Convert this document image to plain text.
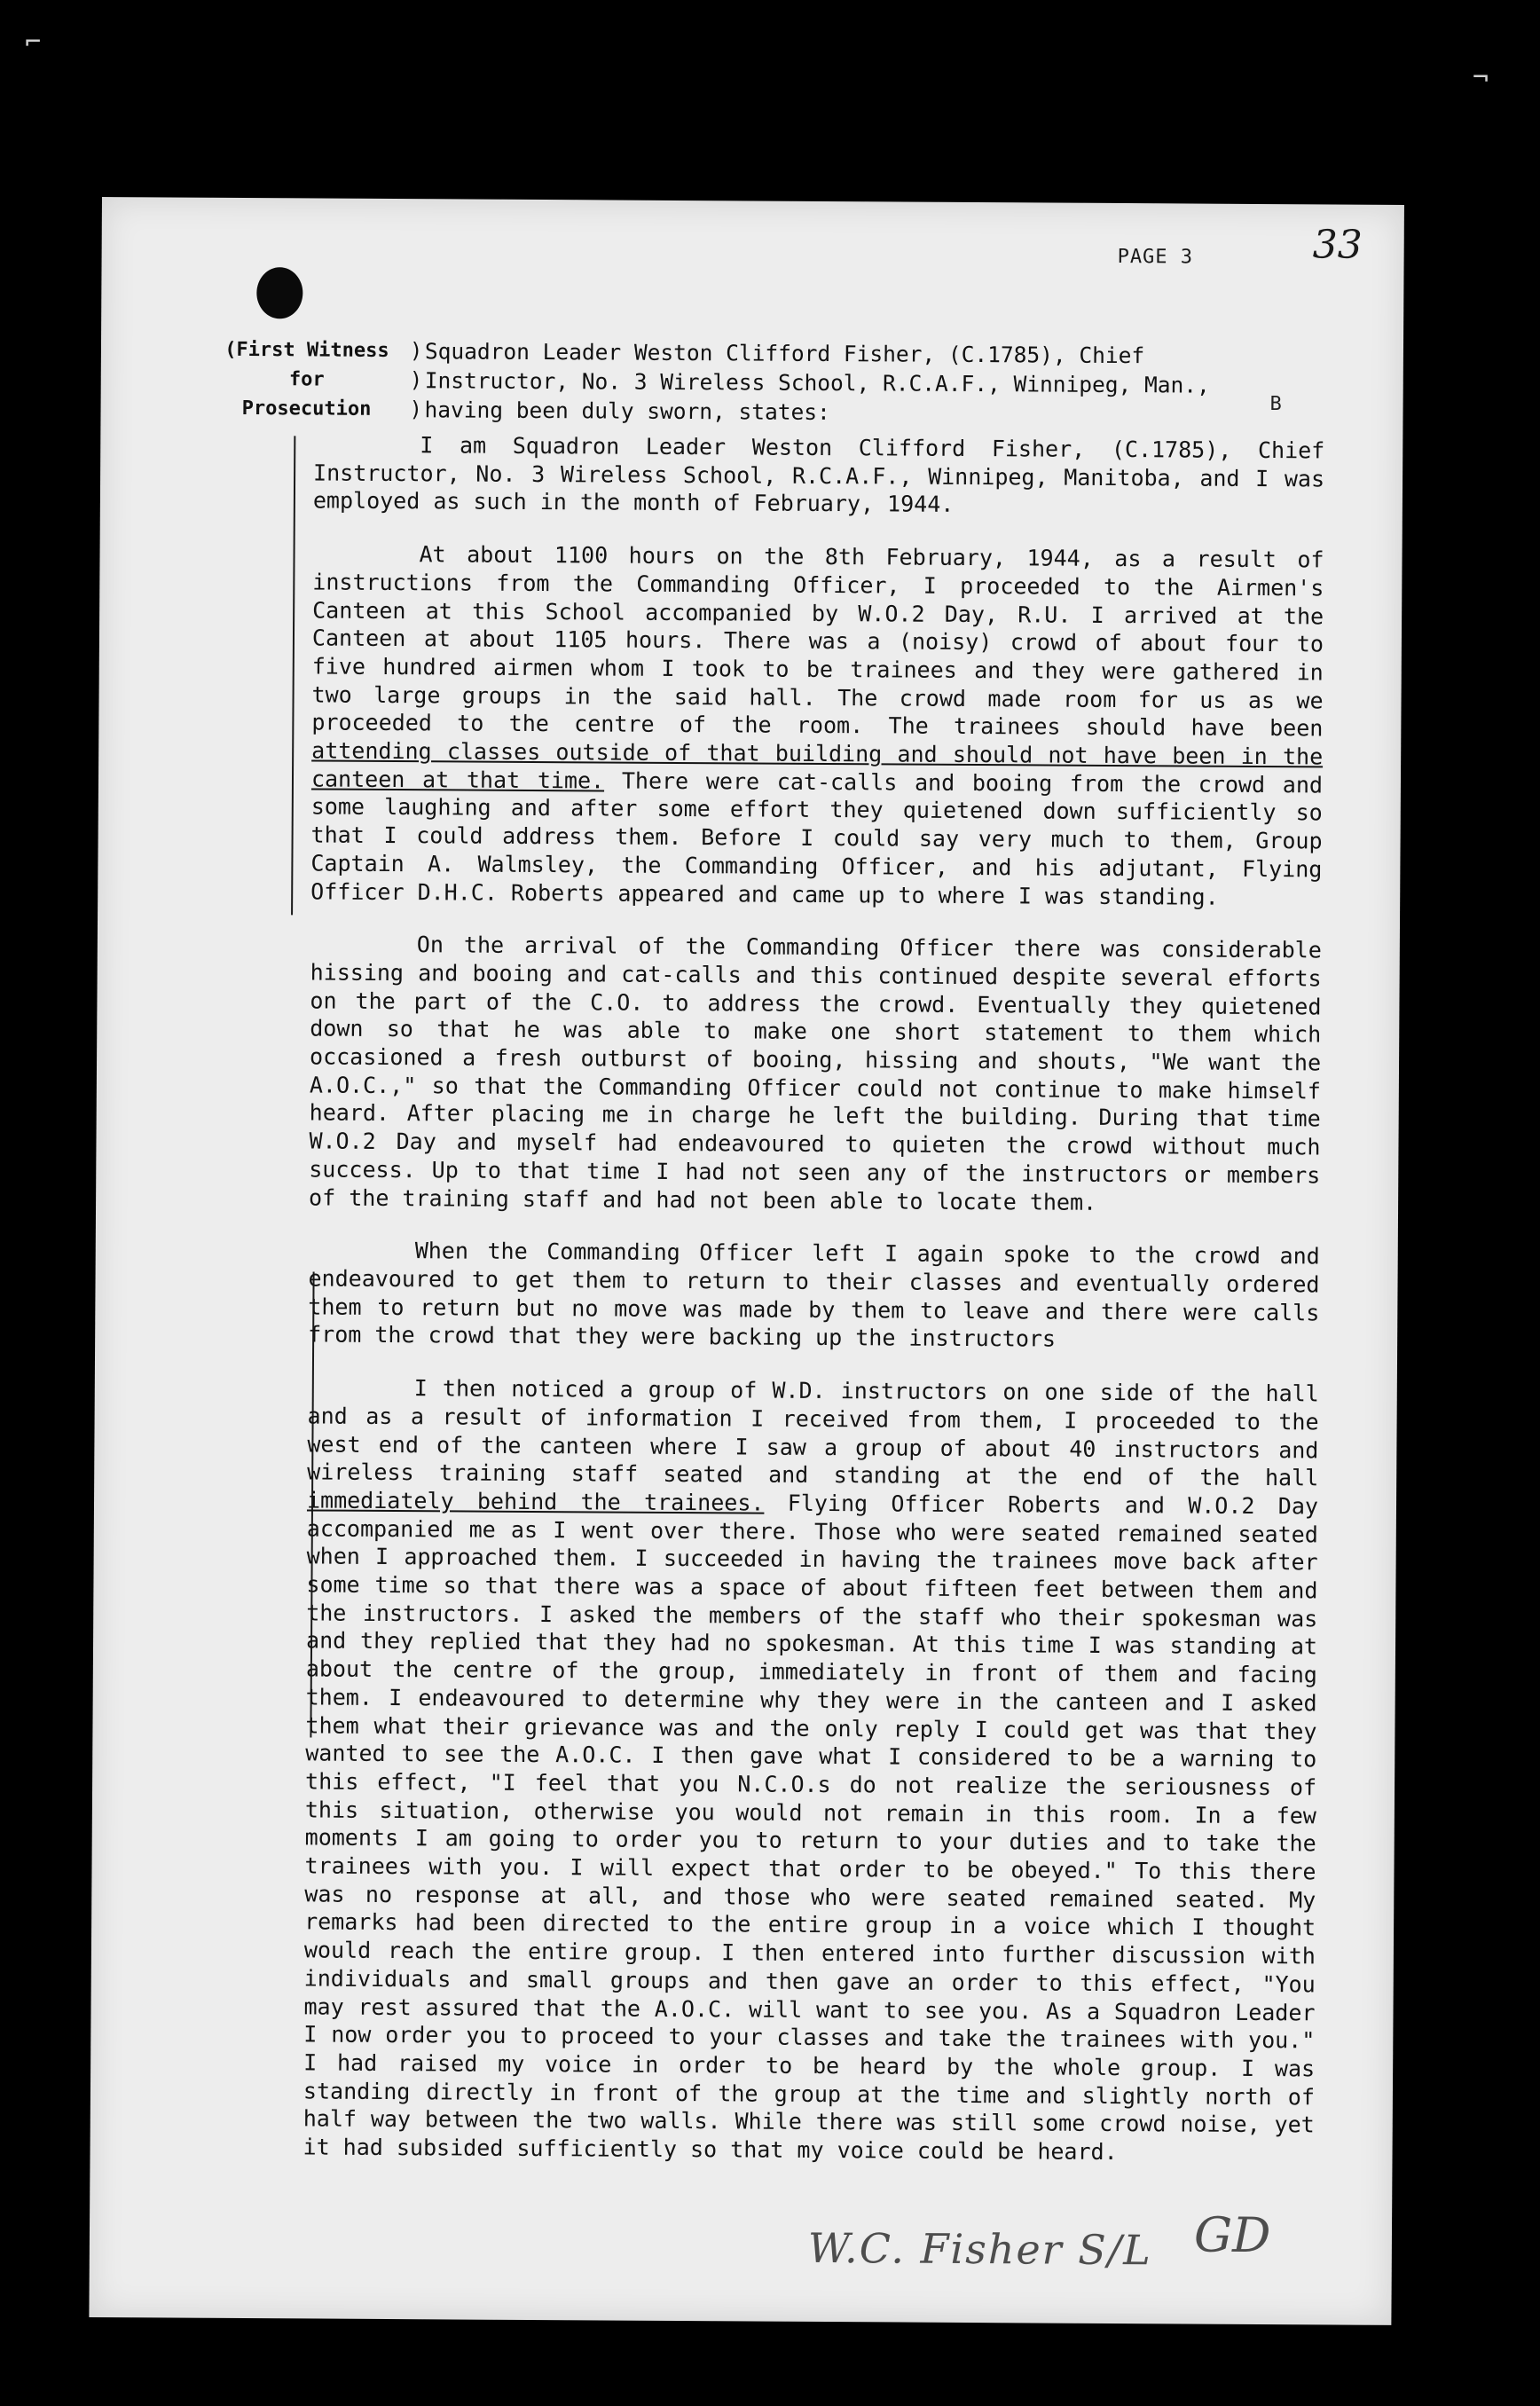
⌐
¬
PAGE 3	33
(First Witness
for
Prosecution
)
)
)
Squadron Leader Weston Clifford Fisher, (C.1785), Chief
Instructor, No. 3 Wireless School, R.C.A.F., Winnipeg, Man.,
having been duly sworn, states:	B

I am Squadron Leader Weston Clifford Fisher, (C.1785), Chief Instructor, No. 3 Wireless School, R.C.A.F., Winnipeg, Manitoba, and I was employed as such in the month of February, 1944.

At about 1100 hours on the 8th February, 1944, as a result of instructions from the Commanding Officer, I proceeded to the Airmen's Canteen at this School accompanied by W.O.2 Day, R.U. I arrived at the Canteen at about 1105 hours. There was a (noisy) crowd of about four to five hundred airmen whom I took to be trainees and they were gathered in two large groups in the said hall. The crowd made room for us as we proceeded to the centre of the room. The trainees should have been attending classes outside of that building and should not have been in the canteen at that time. There were cat-calls and booing from the crowd and some laughing and after some effort they quietened down sufficiently so that I could address them. Before I could say very much to them, Group Captain A. Walmsley, the Commanding Officer, and his adjutant, Flying Officer D.H.C. Roberts appeared and came up to where I was standing.

On the arrival of the Commanding Officer there was considerable hissing and booing and cat-calls and this continued despite several efforts on the part of the C.O. to address the crowd. Eventually they quietened down so that he was able to make one short statement to them which occasioned a fresh outburst of booing, hissing and shouts, "We want the A.O.C.," so that the Commanding Officer could not continue to make himself heard. After placing me in charge he left the building. During that time W.O.2 Day and myself had endeavoured to quieten the crowd without much success. Up to that time I had not seen any of the instructors or members of the training staff and had not been able to locate them.

When the Commanding Officer left I again spoke to the crowd and endeavoured to get them to return to their classes and eventually ordered them to return but no move was made by them to leave and there were calls from the crowd that they were backing up the instructors

I then noticed a group of W.D. instructors on one side of the hall and as a result of information I received from them, I proceeded to the west end of the canteen where I saw a group of about 40 instructors and wireless training staff seated and standing at the end of the hall immediately behind the trainees. Flying Officer Roberts and W.O.2 Day accompanied me as I went over there. Those who were seated remained seated when I approached them. I succeeded in having the trainees move back after some time so that there was a space of about fifteen feet between them and the instructors. I asked the members of the staff who their spokesman was and they replied that they had no spokesman. At this time I was standing at about the centre of the group, immediately in front of them and facing them. I endeavoured to determine why they were in the canteen and I asked them what their grievance was and the only reply I could get was that they wanted to see the A.O.C. I then gave what I considered to be a warning to this effect, "I feel that you N.C.O.s do not realize the seriousness of this situation, otherwise you would not remain in this room. In a few moments I am going to order you to return to your duties and to take the trainees with you. I will expect that order to be obeyed." To this there was no response at all, and those who were seated remained seated. My remarks had been directed to the entire group in a voice which I thought would reach the entire group. I then entered into further discussion with individuals and small groups and then gave an order to this effect, "You may rest assured that the A.O.C. will want to see you. As a Squadron Leader I now order you to proceed to your classes and take the trainees with you." I had raised my voice in order to be heard by the whole group. I was standing directly in front of the group at the time and slightly north of half way between the two walls. While there was still some crowd noise, yet it had subsided sufficiently so that my voice could be heard.

W.C. Fisher S/L GD
